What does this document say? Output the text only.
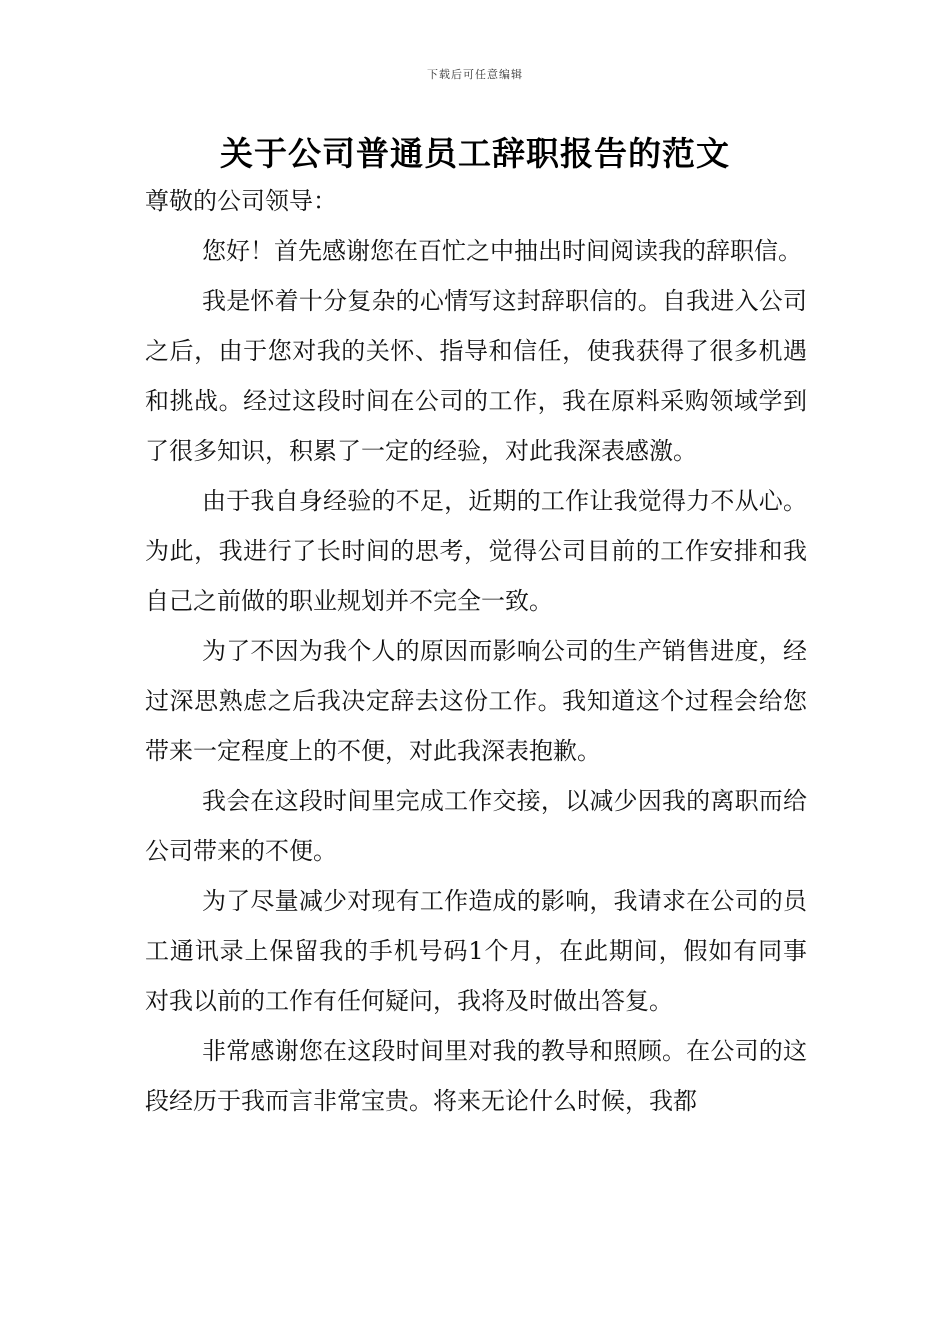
下载后可任意编辑
关于公司普通员工辞职报告的范文

尊敬的公司领导：

您好！首先感谢您在百忙之中抽出时间阅读我的辞职信。

我是怀着十分复杂的心情写这封辞职信的。自我进入公司之后，由于您对我的关怀、指导和信任，使我获得了很多机遇和挑战。经过这段时间在公司的工作，我在原料采购领域学到了很多知识，积累了一定的经验，对此我深表感激。

由于我自身经验的不足，近期的工作让我觉得力不从心。为此，我进行了长时间的思考，觉得公司目前的工作安排和我自己之前做的职业规划并不完全一致。

为了不因为我个人的原因而影响公司的生产销售进度，经过深思熟虑之后我决定辞去这份工作。我知道这个过程会给您带来一定程度上的不便，对此我深表抱歉。

我会在这段时间里完成工作交接，以减少因我的离职而给公司带来的不便。

为了尽量减少对现有工作造成的影响，我请求在公司的员工通讯录上保留我的手机号码1个月，在此期间，假如有同事对我以前的工作有任何疑问，我将及时做出答复。

非常感谢您在这段时间里对我的教导和照顾。在公司的这段经历于我而言非常宝贵。将来无论什么时候，我都
